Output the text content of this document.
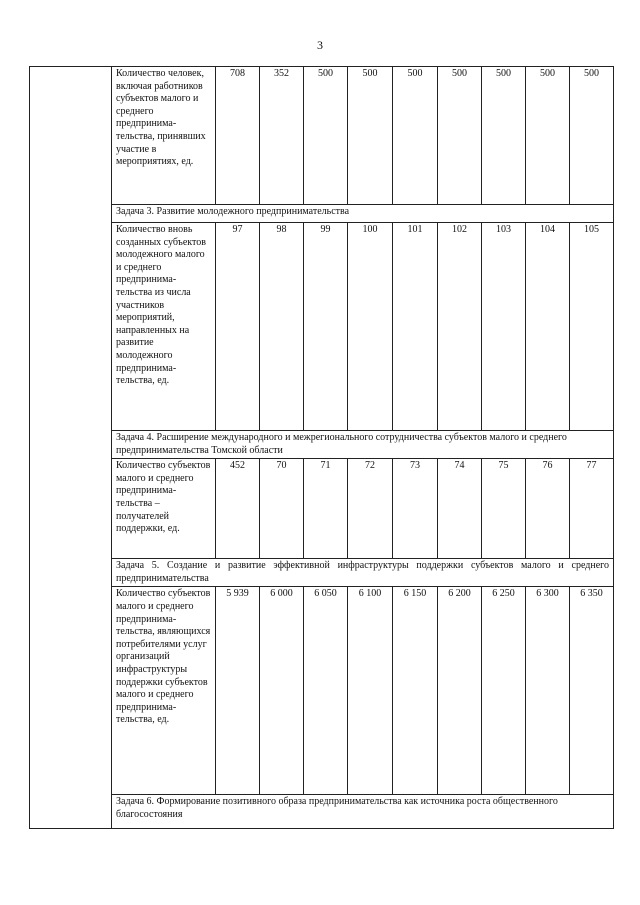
3
	Количество человек, включая работников субъектов малого и среднего предпринима-тельства, принявших участие в мероприятиях, ед.	708	352	500	500	500	500	500	500	500
	Задача 3. Развитие молодежного предпринимательства									
	Количество вновь созданных субъектов молодежного малого и среднего предпринима-тельства из числа участников мероприятий, направленных на развитие молодежного предпринима-тельства, ед.	97	98	99	100	101	102	103	104	105
	Задача 4. Расширение международного и межрегионального сотрудничества субъектов малого и среднего предпринимательства Томской области									
	Количество субъектов малого и среднего предпринима-тельства – получателей поддержки, ед.	452	70	71	72	73	74	75	76	77
	Задача 5. Создание и развитие эффективной инфраструктуры поддержки субъектов малого и среднего предпринимательства									
	Количество субъектов малого и среднего предпринима-тельства, являющихся потребителями услуг организаций инфраструктуры поддержки субъектов малого и среднего предпринима-тельства, ед.	5 939	6 000	6 050	6 100	6 150	6 200	6 250	6 300	6 350
	Задача 6. Формирование позитивного образа предпринимательства как источника роста общественного благосостояния									
